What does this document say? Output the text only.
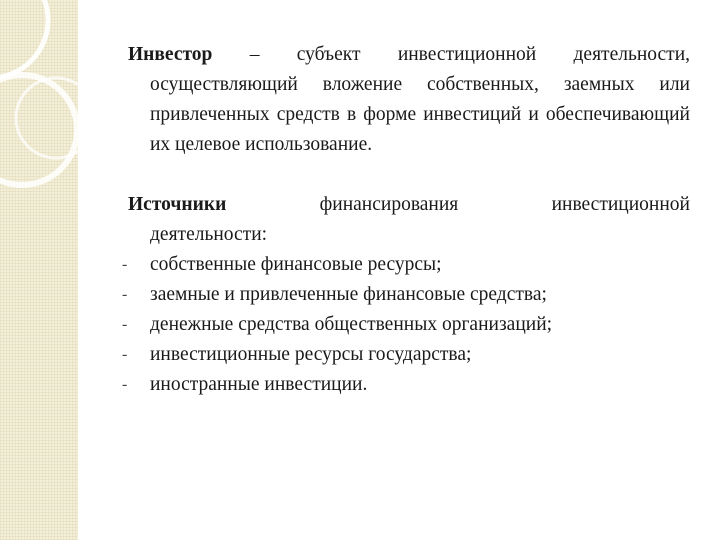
Инвестор – субъект инвестиционной деятельности, осуществляющий вложение собственных, заемных или привлеченных средств в форме инвестиций и обеспечивающий их целевое использование.

Источники	финансирования	инвестиционной

деятельности:

- собственные финансовые ресурсы;
- заемные и привлеченные финансовые средства;
- денежные средства общественных организаций;
- инвестиционные ресурсы государства;
- иностранные инвестиции.
